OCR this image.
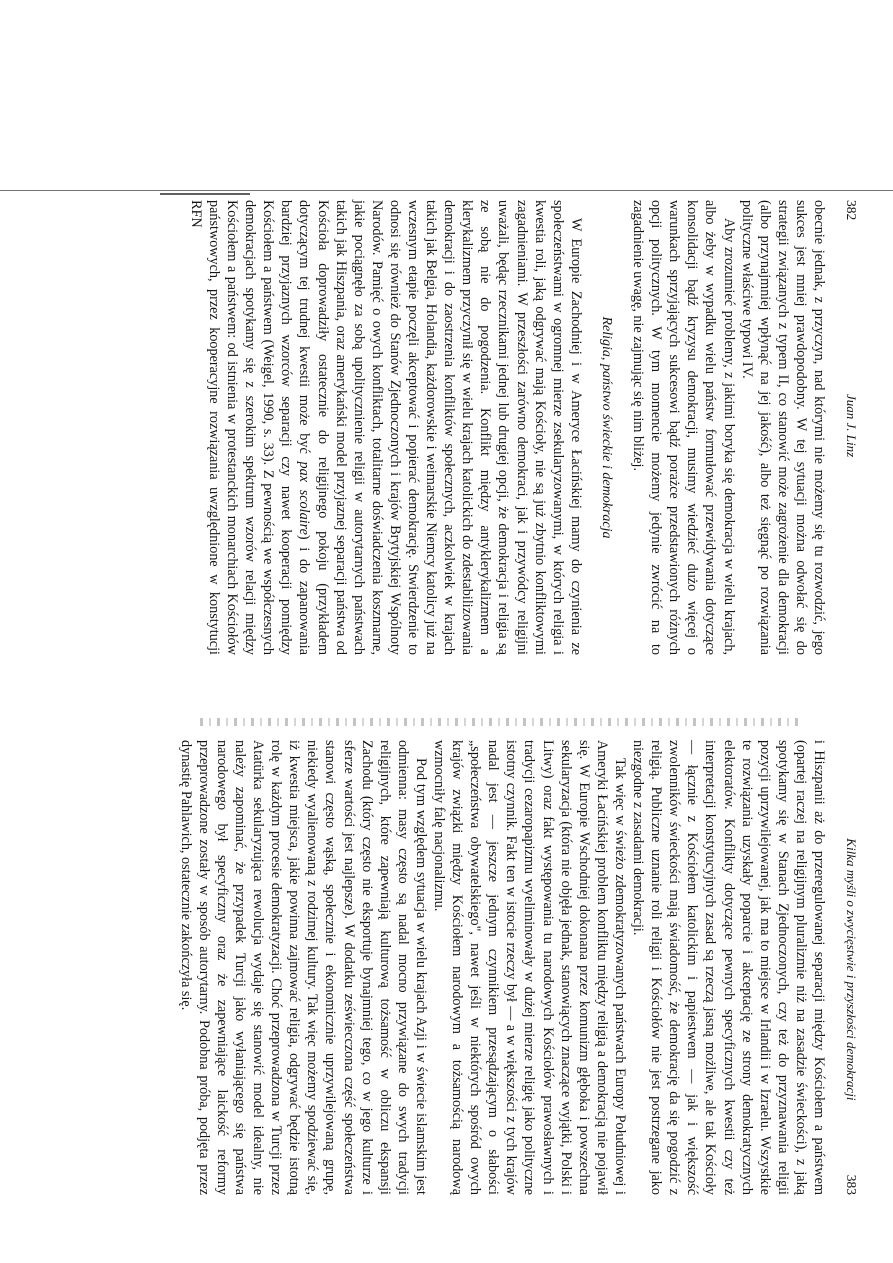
382
Juan J. Linz

obecnie jednak, z przyczyn, nad którymi nie możemy się tu rozwodzić, jego sukces jest mniej prawdopodobny. W tej sytuacji można odwołać się do strategii związanych z typem II, co stanowić może zagrożenie dla demokracji (albo przynajmniej wpłynąć na jej jakość), albo też sięgnąć po rozwiązania polityczne właściwe typowi IV.

Aby zrozumieć problemy, z jakimi boryka się demokracja w wielu krajach, albo żeby w wypadku wielu państw formułować przewidywania dotyczące konsolidacji bądź kryzysu demokracji, musimy wiedzieć dużo więcej o warunkach sprzyjających sukcesowi bądź porażce przedstawionych różnych opcji politycznych. W tym momencie możemy jedynie zwrócić na to zagadnienie uwagę, nie zajmując się nim bliżej.

Religia, państwo świeckie i demokracja

W Europie Zachodniej i w Ameryce Łacińskiej mamy do czynienia ze społeczeństwami w ogromnej mierze zsekularyzowanymi, w których religia i kwestia roli, jaką odgrywać mają Kościoły, nie są już zbytnio konfliktowymi zagadnieniami. W przeszłości zarówno demokraci, jak i przywódcy religijni uważali, będąc rzecznikami jednej lub drugiej opcji, że demokracja i religia są ze sobą nie do pogodzenia. Konflikt między antyklerykalizmem a klerykalizmem przyczynił się w wielu krajach katolickich do zdestabilizowania demokracji i do zaostrzenia konfliktów społecznych, aczkolwiek w krajach takich jak Belgia, Holandia, każdorowskie i weimarskie Niemcy katolicy już na wczesnym etapie poczęli akceptować i popierać demokrację. Stwierdzenie to odnosi się również do Stanów Zjednoczonych i krajów Brytyjskiej Wspólnoty Narodów. Pamięć o owych konfliktach, totalitarne doświadczenia koszmarne, jakie pociągnęło za sobą upolitycznienie religii w autorytarnych państwach takich jak Hiszpania, oraz amerykański model przyjaznej separacji państwa od Kościoła doprowadziły ostatecznie do religijnego pokoju (przykładem dotyczącym tej trudnej kwestii może być pax scolaire) i do zapanowania bardziej przyjaznych wzorców separacji czy nawet kooperacji pomiędzy Kościołem a państwem (Weigel, 1990, s. 33). Z pewnością we współczesnych demokracjach spotykamy się z szerokim spektrum wzorów relacji między Kościołem a państwem: od istnienia w protestanckich monarchiach Kościołów państwowych, przez kooperacyjne rozwiązania uwzględnione w konstytucji RFN

Kilka myśli o zwycięstwie i przyszłości demokracji
383

i Hiszpanii aż do przeregulowanej separacji między Kościołem a państwem (opartej raczej na religijnym pluralizmie niż na zasadzie świeckości), z jaką spotykamy się w Stanach Zjednoczonych, czy też do przyznawania religii pozycji uprzywilejowanej, jak ma to miejsce w Irlandii i w Izraelu. Wszystkie te rozwiązania uzyskały poparcie i akceptację ze strony demokratycznych elektoratów. Konflikty dotyczące pewnych specyficznych kwestii czy też interpretacji konstytucyjnych zasad są rzeczą jasną możliwe, ale tak Kościoły — łącznie z Kościołem katolickim i papiestwem — jak i większość zwolenników świeckości mają świadomość, że demokrację da się pogodzić z religią. Publiczne uznanie roli religii i Kościołów nie jest postrzegane jako niezgodne z zasadami demokracji.

Tak więc w świeżo zdemokratyzowanych państwach Europy Południowej i Ameryki Łacińskiej problem konfliktu między religią a demokracją nie pojawił się. W Europie Wschodniej dokonana przez komunizm głęboka i powszechna sekularyzacja (która nie objęła jednak, stanowiących znaczące wyjątki, Polski i Litwy) oraz fakt występowania tu narodowych Kościołów prawosławnych i tradycji cezaropapizmu wyeliminowały w dużej mierze religię jako polityczne istotny czynnik. Fakt ten w istocie rzeczy był — a w większości z tych krajów nadal jest — jeszcze jednym czynnikiem przesądzającym o słabości „społeczeństwa obywatelskiego", nawet jeśli w niektórych spośród owych krajów związki między Kościołem narodowym a tożsamością narodową wzmocniły falę nacjonalizmu.

Pod tym względem sytuacja w wielu krajach Azji i w świecie islamskim jest odmienna: masy często są nadal mocno przywiązane do swych tradycji religijnych, które zapewniają kulturową tożsamość w obliczu ekspansji Zachodu (który często nie eksportuje bynajmniej tego, co w jego kulturze i sferze wartości jest najlepsze). W dodatku zeświecczona część społeczeństwa stanowi często wąską, społecznie i ekonomicznie uprzywilejowaną grupę, niekiedy wyalienowaną z rodzimej kultury. Tak więc możemy spodziewać się, iż kwestia miejsca, jakie powinna zajmować religia, odgrywać będzie istotną rolę w każdym procesie demokratyzacji. Choć przeprowadzona w Turcji przez Atatürka sekularyzująca rewolucja wydaje się stanowić model idealny, nie należy zapominać, że przypadek Turcji jako wyłaniającego się państwa narodowego był specyficzny oraz że zapewniające laickość reformy przeprowadzone zostały w sposób autorytarny. Podobna próba, podjęta przez dynastię Pahlawich, ostatecznie zakończyła się.
